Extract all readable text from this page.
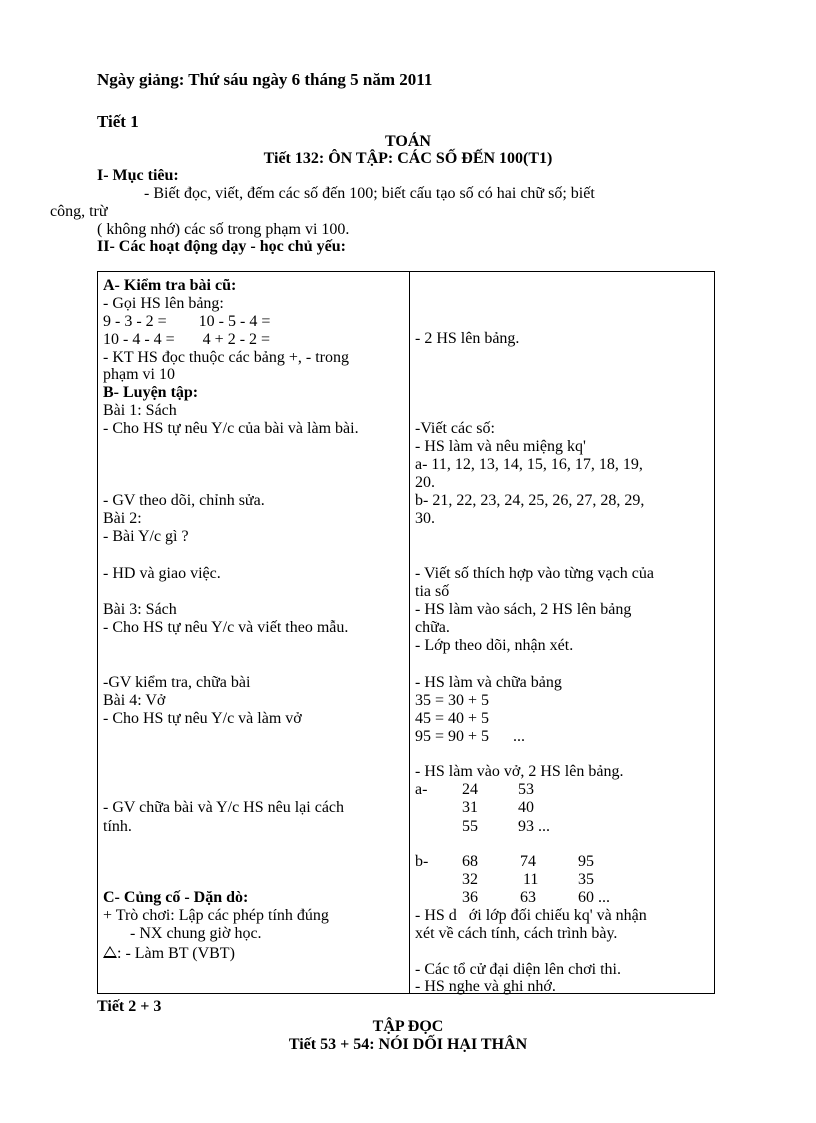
Ngày giảng: Thứ sáu ngày 6 tháng 5 năm 2011
Tiết 1
TOÁN
Tiết 132: ÔN TẬP: CÁC SỐ ĐẾN 100(T1)
I- Mục tiêu:
- Biết đọc, viết, đếm các số đến 100; biết cấu tạo số có hai chữ số; biết
công, trừ
( không nhớ) các số trong phạm vi 100.
II- Các hoạt động dạy - học chủ yếu:
A- Kiểm tra bài cũ:
- Gọi HS lên bảng:
9 - 3 - 2 =        10 - 5 - 4 =
10 - 4 - 4 =       4 + 2 - 2 =
- KT HS đọc thuộc các bảng +, - trong
phạm vi 10
B- Luyện tập:
Bài 1: Sách
- Cho HS tự nêu Y/c của bài và làm bài.
- GV theo dõi, chỉnh sửa.
Bài 2:
- Bài Y/c gì ?
- HD và giao việc.
Bài 3: Sách
- Cho HS tự nêu Y/c và viết theo mẫu.
-GV kiểm tra, chữa bài
Bài 4: Vở
- Cho HS tự nêu Y/c và làm vở
- GV chữa bài và Y/c HS nêu lại cách
tính.
C- Củng cố - Dặn dò:
+ Trò chơi: Lập các phép tính đúng
- NX chung giờ học.
: - Làm BT (VBT)
- 2 HS lên bảng.
-Viết các số:
- HS làm và nêu miệng kq'
a- 11, 12, 13, 14, 15, 16, 17, 18, 19,
20.
b- 21, 22, 23, 24, 25, 26, 27, 28, 29,
30.
- Viết số thích hợp vào từng vạch của
tia số
- HS làm vào sách, 2 HS lên bảng
chữa.
- Lớp theo dõi, nhận xét.
- HS làm và chữa bảng
35 = 30 + 5
45 = 40 + 5
95 = 90 + 5      ...
- HS làm vào vở, 2 HS lên bảng.
a- 24
31
55
53
40
93 ...
b- 68
32
36
74
11
63
95
35
60 ...
- HS d   ới lớp đối chiếu kq' và nhận
xét về cách tính, cách trình bày.
- Các tổ cử đại diện lên chơi thi.
- HS nghe và ghi nhớ.
Tiết 2 + 3
TẬP ĐỌC
Tiết 53 + 54: NÓI DỐI HẠI THÂN
